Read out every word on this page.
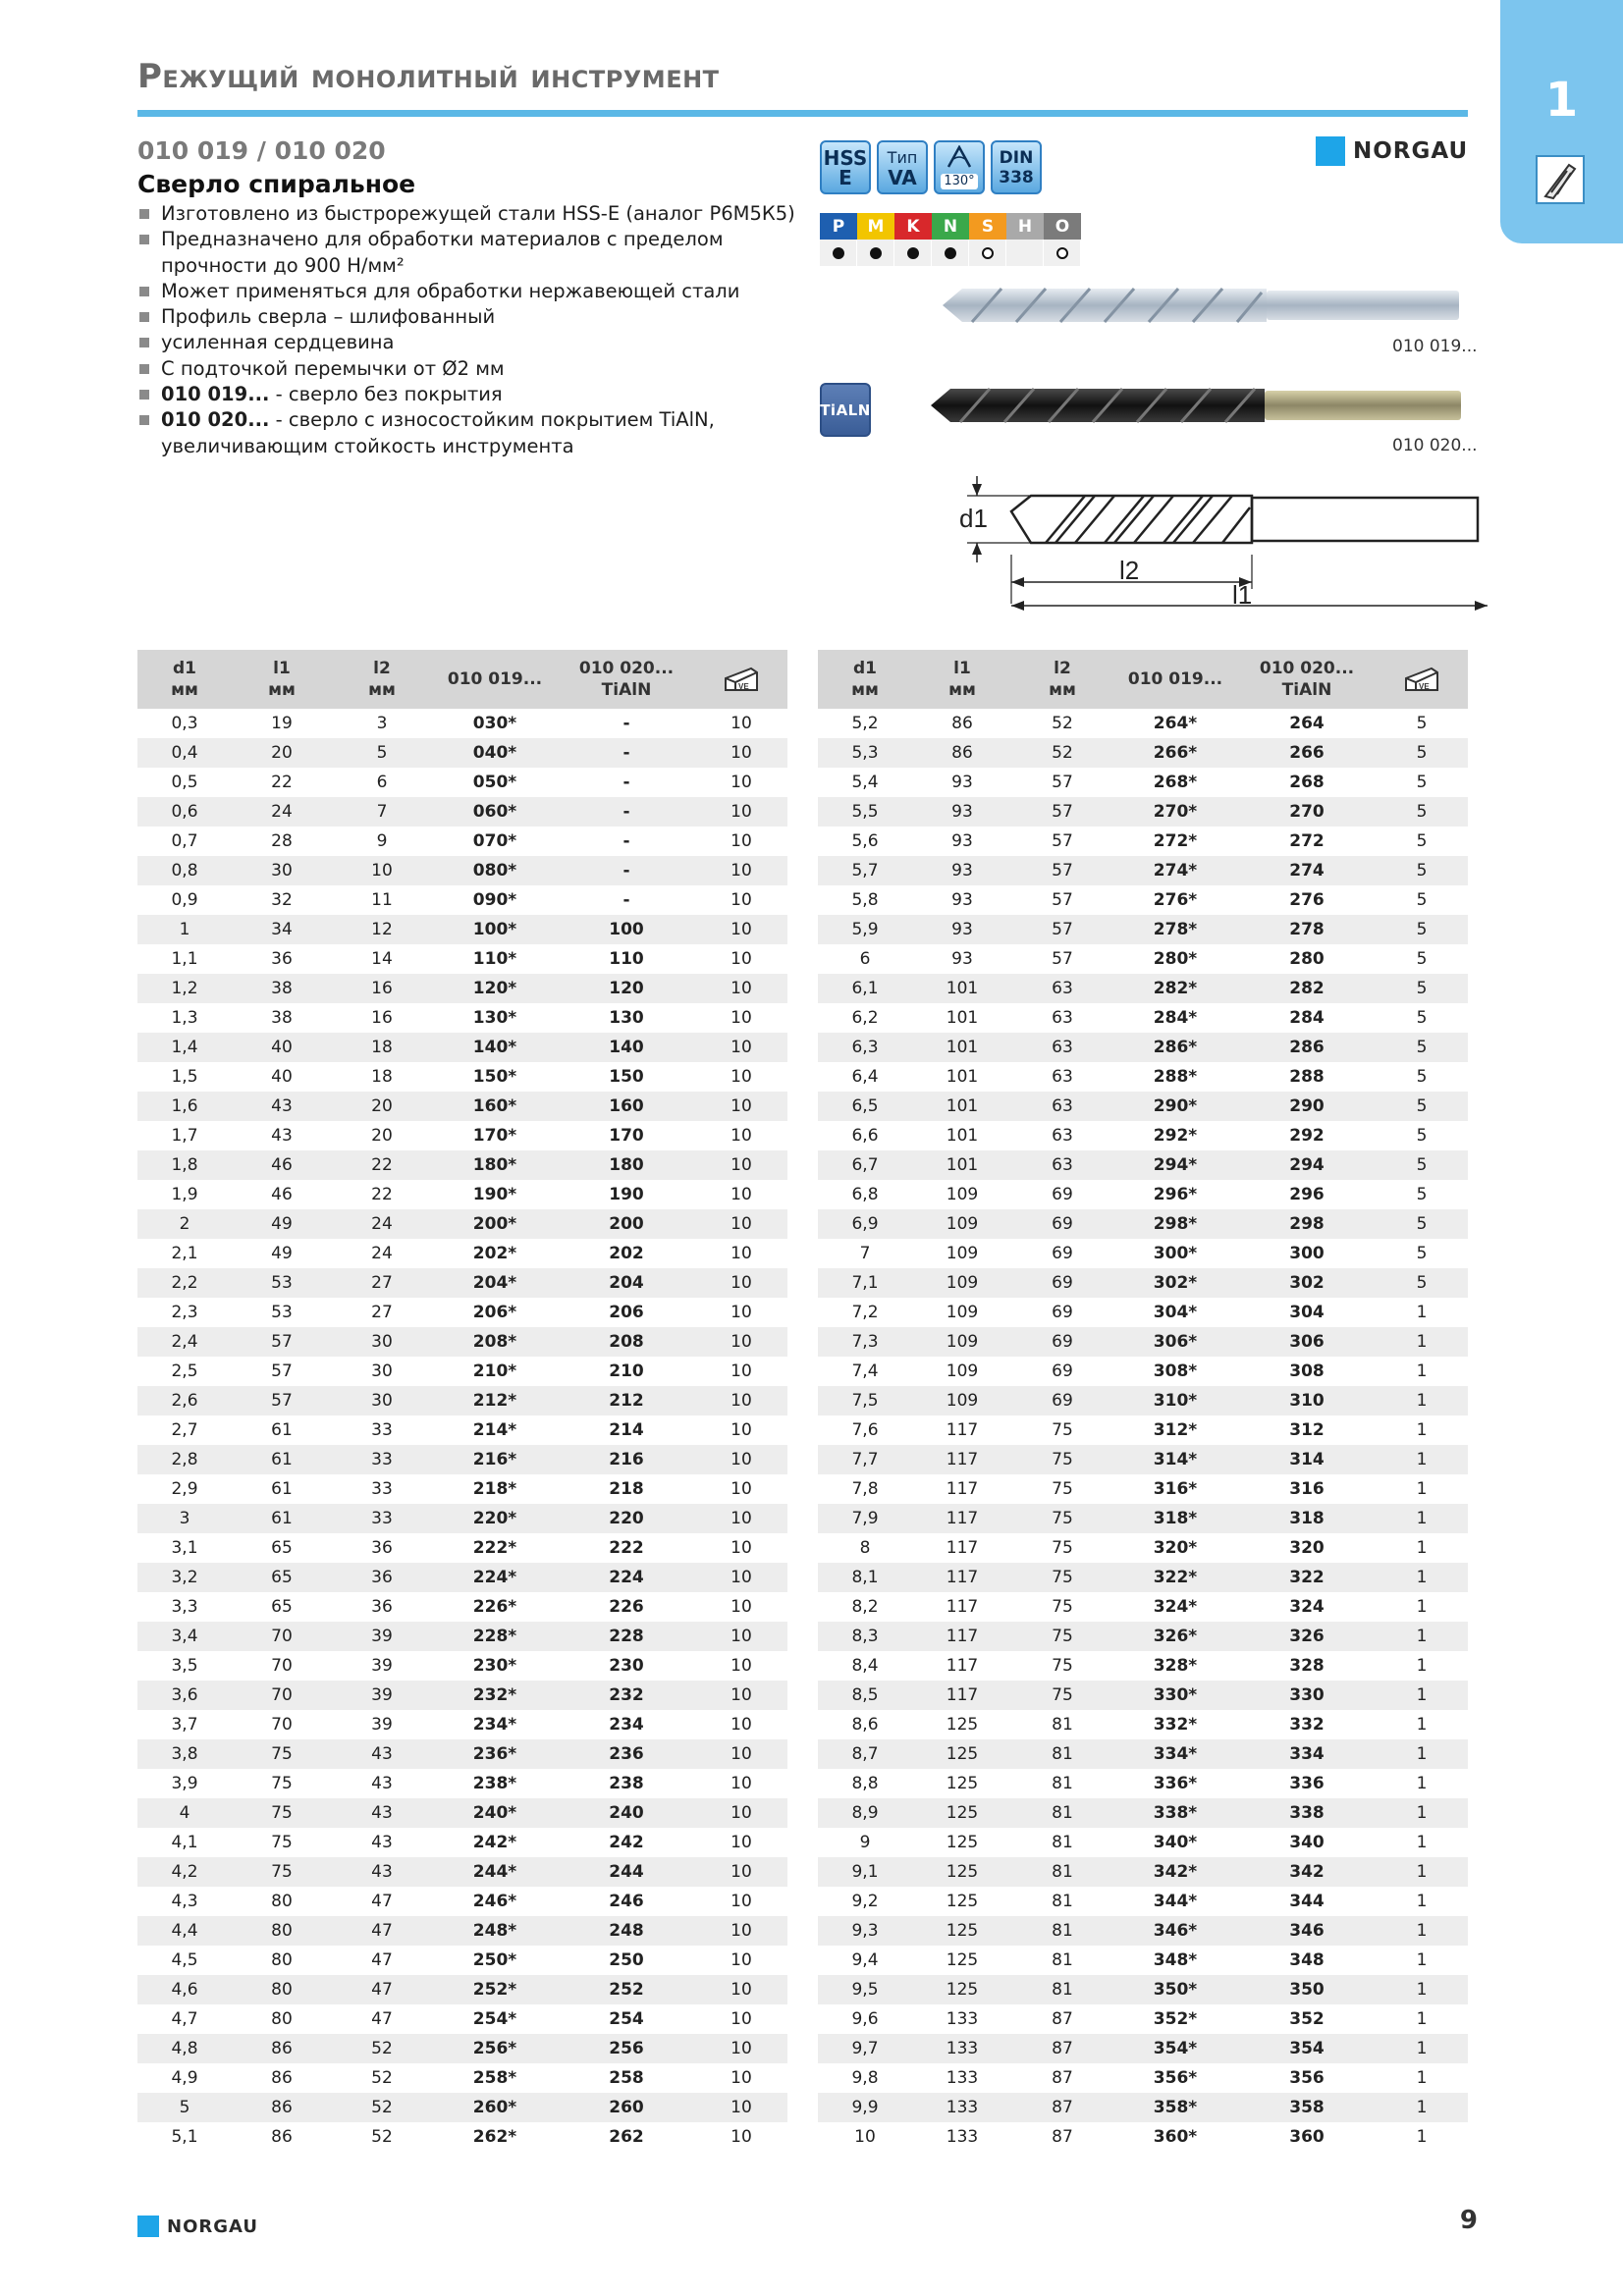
Режущий монолитный инструмент	1
010 019 / 010 020
Сверло спиральное
Изготовлено из быстрорежущей стали HSS-E (аналог Р6М5К5)
Предназначено для обработки материалов с пределом прочности до 900 Н/мм²
Может применяться для обработки нержавеющей стали
Профиль сверла – шлифованный
усиленная сердцевина
С подточкой перемычки от Ø2 мм
010 019... - сверло без покрытия
010 020... - сверло с износостойким покрытием TiAlN, увеличивающим стойкость инструмента
HSS
E
Тип
VA 130°
DIN
338
NORGAU
P	M	K	N	S	H	O
010 019...
TiALN
010 020...
d1
l2
l1
d1
мм	l1
мм	l2
мм	010 019...	010 020...
TiAlN	VE

0,3	19	3	030*	-	10
0,4	20	5	040*	-	10
0,5	22	6	050*	-	10
0,6	24	7	060*	-	10
0,7	28	9	070*	-	10
0,8	30	10	080*	-	10
0,9	32	11	090*	-	10
1	34	12	100*	100	10
1,1	36	14	110*	110	10
1,2	38	16	120*	120	10
1,3	38	16	130*	130	10
1,4	40	18	140*	140	10
1,5	40	18	150*	150	10
1,6	43	20	160*	160	10
1,7	43	20	170*	170	10
1,8	46	22	180*	180	10
1,9	46	22	190*	190	10
2	49	24	200*	200	10
2,1	49	24	202*	202	10
2,2	53	27	204*	204	10
2,3	53	27	206*	206	10
2,4	57	30	208*	208	10
2,5	57	30	210*	210	10
2,6	57	30	212*	212	10
2,7	61	33	214*	214	10
2,8	61	33	216*	216	10
2,9	61	33	218*	218	10
3	61	33	220*	220	10
3,1	65	36	222*	222	10
3,2	65	36	224*	224	10
3,3	65	36	226*	226	10
3,4	70	39	228*	228	10
3,5	70	39	230*	230	10
3,6	70	39	232*	232	10
3,7	70	39	234*	234	10
3,8	75	43	236*	236	10
3,9	75	43	238*	238	10
4	75	43	240*	240	10
4,1	75	43	242*	242	10
4,2	75	43	244*	244	10
4,3	80	47	246*	246	10
4,4	80	47	248*	248	10
4,5	80	47	250*	250	10
4,6	80	47	252*	252	10
4,7	80	47	254*	254	10
4,8	86	52	256*	256	10
4,9	86	52	258*	258	10
5	86	52	260*	260	10
5,1	86	52	262*	262	10
d1
мм	l1
мм	l2
мм	010 019...	010 020...
TiAlN	VE

5,2	86	52	264*	264	5
5,3	86	52	266*	266	5
5,4	93	57	268*	268	5
5,5	93	57	270*	270	5
5,6	93	57	272*	272	5
5,7	93	57	274*	274	5
5,8	93	57	276*	276	5
5,9	93	57	278*	278	5
6	93	57	280*	280	5
6,1	101	63	282*	282	5
6,2	101	63	284*	284	5
6,3	101	63	286*	286	5
6,4	101	63	288*	288	5
6,5	101	63	290*	290	5
6,6	101	63	292*	292	5
6,7	101	63	294*	294	5
6,8	109	69	296*	296	5
6,9	109	69	298*	298	5
7	109	69	300*	300	5
7,1	109	69	302*	302	5
7,2	109	69	304*	304	1
7,3	109	69	306*	306	1
7,4	109	69	308*	308	1
7,5	109	69	310*	310	1
7,6	117	75	312*	312	1
7,7	117	75	314*	314	1
7,8	117	75	316*	316	1
7,9	117	75	318*	318	1
8	117	75	320*	320	1
8,1	117	75	322*	322	1
8,2	117	75	324*	324	1
8,3	117	75	326*	326	1
8,4	117	75	328*	328	1
8,5	117	75	330*	330	1
8,6	125	81	332*	332	1
8,7	125	81	334*	334	1
8,8	125	81	336*	336	1
8,9	125	81	338*	338	1
9	125	81	340*	340	1
9,1	125	81	342*	342	1
9,2	125	81	344*	344	1
9,3	125	81	346*	346	1
9,4	125	81	348*	348	1
9,5	125	81	350*	350	1
9,6	133	87	352*	352	1
9,7	133	87	354*	354	1
9,8	133	87	356*	356	1
9,9	133	87	358*	358	1
10	133	87	360*	360	1
NORGAU	9
